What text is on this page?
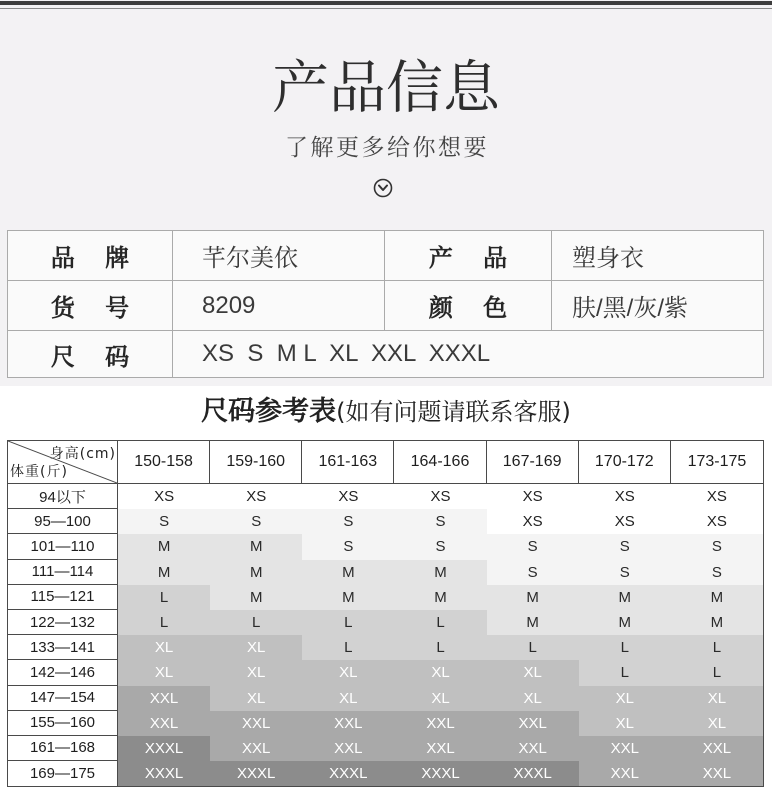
产品信息
了解更多给你想要
品 牌	芊尔美依	产 品	塑身衣
货 号	8209	颜 色	肤/黑/灰/紫
尺 码	XS  S  M L  XL  XXL  XXXL
尺码参考表(如有问题请联系客服)
身高(cm)
体重(斤)
150-158	159-160	161-163	164-166	167-169	170-172	173-175
94以下	XS	XS	XS	XS	XS	XS	XS
95—100	S	S	S	S	XS	XS	XS
101—110	M	M	S	S	S	S	S
111—114	M	M	M	M	S	S	S
115—121	L	M	M	M	M	M	M
122—132	L	L	L	L	M	M	M
133—141	XL	XL	L	L	L	L	L
142—146	XL	XL	XL	XL	XL	L	L
147—154	XXL	XL	XL	XL	XL	XL	XL
155—160	XXL	XXL	XXL	XXL	XXL	XL	XL
161—168	XXXL	XXL	XXL	XXL	XXL	XXL	XXL
169—175	XXXL	XXXL	XXXL	XXXL	XXXL	XXL	XXL
